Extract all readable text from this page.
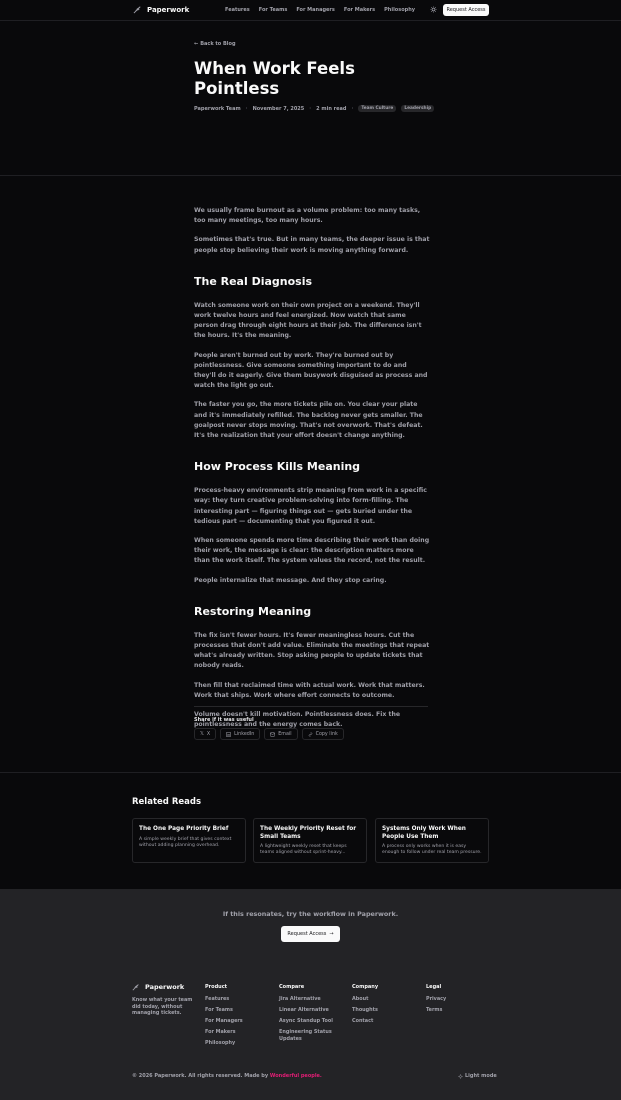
Paperwork	Features For Teams For Managers For Makers Philosophy	Request Access
← Back to Blog
When Work Feels Pointless
Paperwork Team · November 7, 2025 · 2 min read ·	Team Culture	Leadership

We usually frame burnout as a volume problem: too many tasks, too many meetings, too many hours.

Sometimes that's true. But in many teams, the deeper issue is that people stop believing their work is moving anything forward.

The Real Diagnosis

Watch someone work on their own project on a weekend. They'll work twelve hours and feel energized. Now watch that same person drag through eight hours at their job. The difference isn't the hours. It's the meaning.

People aren't burned out by work. They're burned out by pointlessness. Give someone something important to do and they'll do it eagerly. Give them busywork disguised as process and watch the light go out.

The faster you go, the more tickets pile on. You clear your plate and it's immediately refilled. The backlog never gets smaller. The goalpost never stops moving. That's not overwork. That's defeat. It's the realization that your effort doesn't change anything.

How Process Kills Meaning

Process-heavy environments strip meaning from work in a specific way: they turn creative problem-solving into form-filling. The interesting part — figuring things out — gets buried under the tedious part — documenting that you figured it out.

When someone spends more time describing their work than doing their work, the message is clear: the description matters more than the work itself. The system values the record, not the result.

People internalize that message. And they stop caring.

Restoring Meaning

The fix isn't fewer hours. It's fewer meaningless hours. Cut the processes that don't add value. Eliminate the meetings that repeat what's already written. Stop asking people to update tickets that nobody reads.

Then fill that reclaimed time with actual work. Work that matters. Work that ships. Work where effort connects to outcome.

Volume doesn't kill motivation. Pointlessness does. Fix the pointlessness and the energy comes back.

Share if it was useful
𝕏 X	LinkedIn	Email	Copy link
Related Reads
The One Page Priority Brief
A simple weekly brief that gives context without adding planning overhead.
The Weekly Priority Reset for Small Teams
A lightweight weekly reset that keeps teams aligned without sprint-heavy...
Systems Only Work When People Use Them
A process only works when it is easy enough to follow under real team pressure.
If this resonates, try the workflow in Paperwork.
Request Access →
Paperwork
Know what your team did today, without managing tickets.
Product
Features
For Teams
For Managers
For Makers
Philosophy
Compare
Jira Alternative
Linear Alternative
Async Standup Tool
Engineering Status Updates
Company
About
Thoughts
Contact
Legal
Privacy
Terms
© 2026 Paperwork. All rights reserved. Made by Wonderful people.	Light mode
